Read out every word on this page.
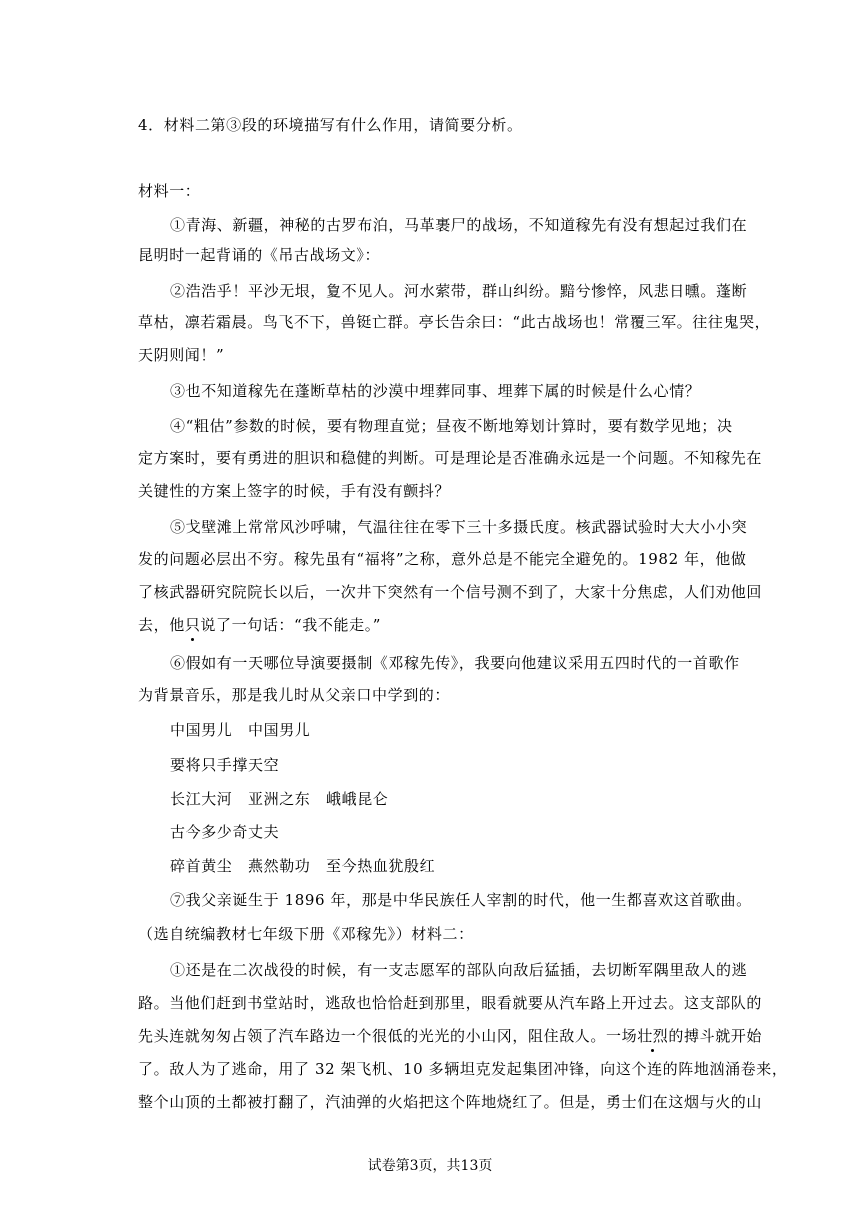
4．材料二第③段的环境描写有什么作用，请简要分析。
材料一：
①青海、新疆，神秘的古罗布泊，马革裹尸的战场，不知道稼先有没有想起过我们在
昆明时一起背诵的《吊古战场文》：
②浩浩乎！平沙无垠，夐不见人。河水萦带，群山纠纷。黯兮惨悴，风悲日曛。蓬断
草枯，凛若霜晨。鸟飞不下，兽铤亡群。亭长告余曰：“此古战场也！常覆三军。往往鬼哭，
天阴则闻！”
③也不知道稼先在蓬断草枯的沙漠中埋葬同事、埋葬下属的时候是什么心情？
④“粗估”参数的时候，要有物理直觉；昼夜不断地筹划计算时，要有数学见地；决
定方案时，要有勇进的胆识和稳健的判断。可是理论是否准确永远是一个问题。不知稼先在
关键性的方案上签字的时候，手有没有颤抖？
⑤戈壁滩上常常风沙呼啸，气温往往在零下三十多摄氏度。核武器试验时大大小小突
发的问题必层出不穷。稼先虽有“福将”之称，意外总是不能完全避免的。1982 年，他做
了核武器研究院院长以后，一次井下突然有一个信号测不到了，大家十分焦虑，人们劝他回
去，他只说了一句话：“我不能走。”
⑥假如有一天哪位导演要摄制《邓稼先传》，我要向他建议采用五四时代的一首歌作
为背景音乐，那是我儿时从父亲口中学到的：
中国男儿　中国男儿
要将只手撑天空
长江大河　亚洲之东　峨峨昆仑
古今多少奇丈夫
碎首黄尘　燕然勒功　至今热血犹殷红
⑦我父亲诞生于 1896 年，那是中华民族任人宰割的时代，他一生都喜欢这首歌曲。
（选自统编教材七年级下册《邓稼先》）材料二：
①还是在二次战役的时候，有一支志愿军的部队向敌后猛插，去切断军隅里敌人的逃
路。当他们赶到书堂站时，逃敌也恰恰赶到那里，眼看就要从汽车路上开过去。这支部队的
先头连就匆匆占领了汽车路边一个很低的光光的小山冈，阻住敌人。一场壮烈的搏斗就开始
了。敌人为了逃命，用了 32 架飞机、10 多辆坦克发起集团冲锋，向这个连的阵地汹涌卷来，
整个山顶的土都被打翻了，汽油弹的火焰把这个阵地烧红了。但是，勇士们在这烟与火的山
试卷第3页，共13页
